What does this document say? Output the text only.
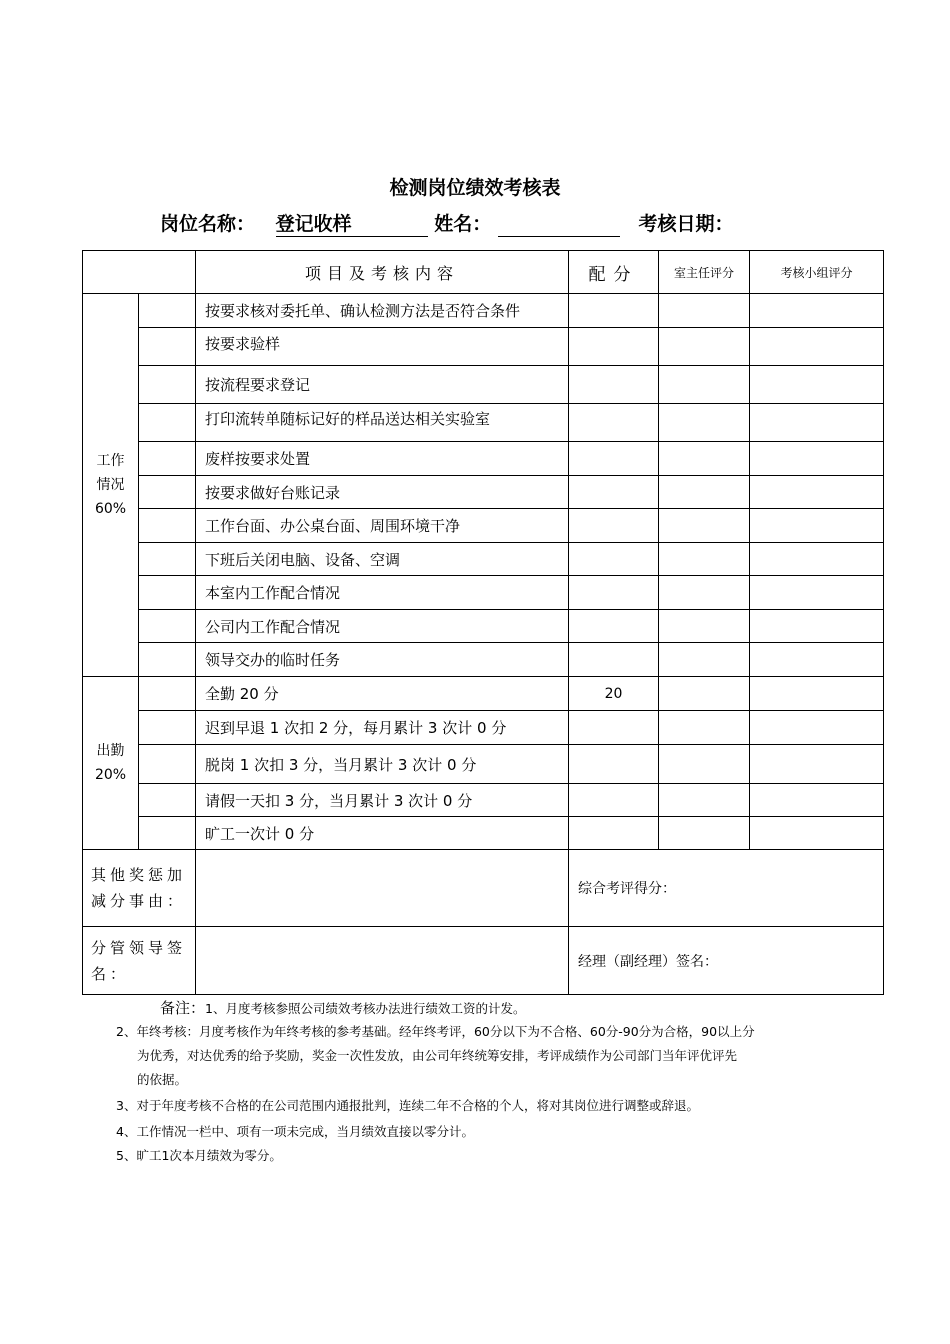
检测岗位绩效考核表
岗位名称： 登记收样	姓名：	考核日期：
		项目及考核内容	配分	室主任评分	考核小组评分

工作
情况
60%		按要求核对委托单、确认检测方法是否符合条件			
		按要求验样			
		按流程要求登记			
		打印流转单随标记好的样品送达相关实验室			
		废样按要求处置			
		按要求做好台账记录			
		工作台面、办公桌台面、周围环境干净			
		下班后关闭电脑、设备、空调			
		本室内工作配合情况			
		公司内工作配合情况			
		领导交办的临时任务			

出勤
20%		全勤 20 分	20		
		迟到早退 1 次扣 2 分，每月累计 3 次计 0 分			
		脱岗 1 次扣 3 分，当月累计 3 次计 0 分			
		请假一天扣 3 分，当月累计 3 次计 0 分			
		旷工一次计 0 分			
其他奖惩加减分事由：			综合考评得分：		
分管领导签名：			经理（副经理）签名：		
备注：1、月度考核参照公司绩效考核办法进行绩效工资的计发。
2、年终考核：月度考核作为年终考核的参考基础。经年终考评，60分以下为不合格、60分-90分为合格，90以上分
为优秀，对达优秀的给予奖励，奖金一次性发放，由公司年终统筹安排，考评成绩作为公司部门当年评优评先
的依据。
3、对于年度考核不合格的在公司范围内通报批判，连续二年不合格的个人，将对其岗位进行调整或辞退。
4、工作情况一栏中、项有一项未完成，当月绩效直接以零分计。
5、旷工1次本月绩效为零分。
